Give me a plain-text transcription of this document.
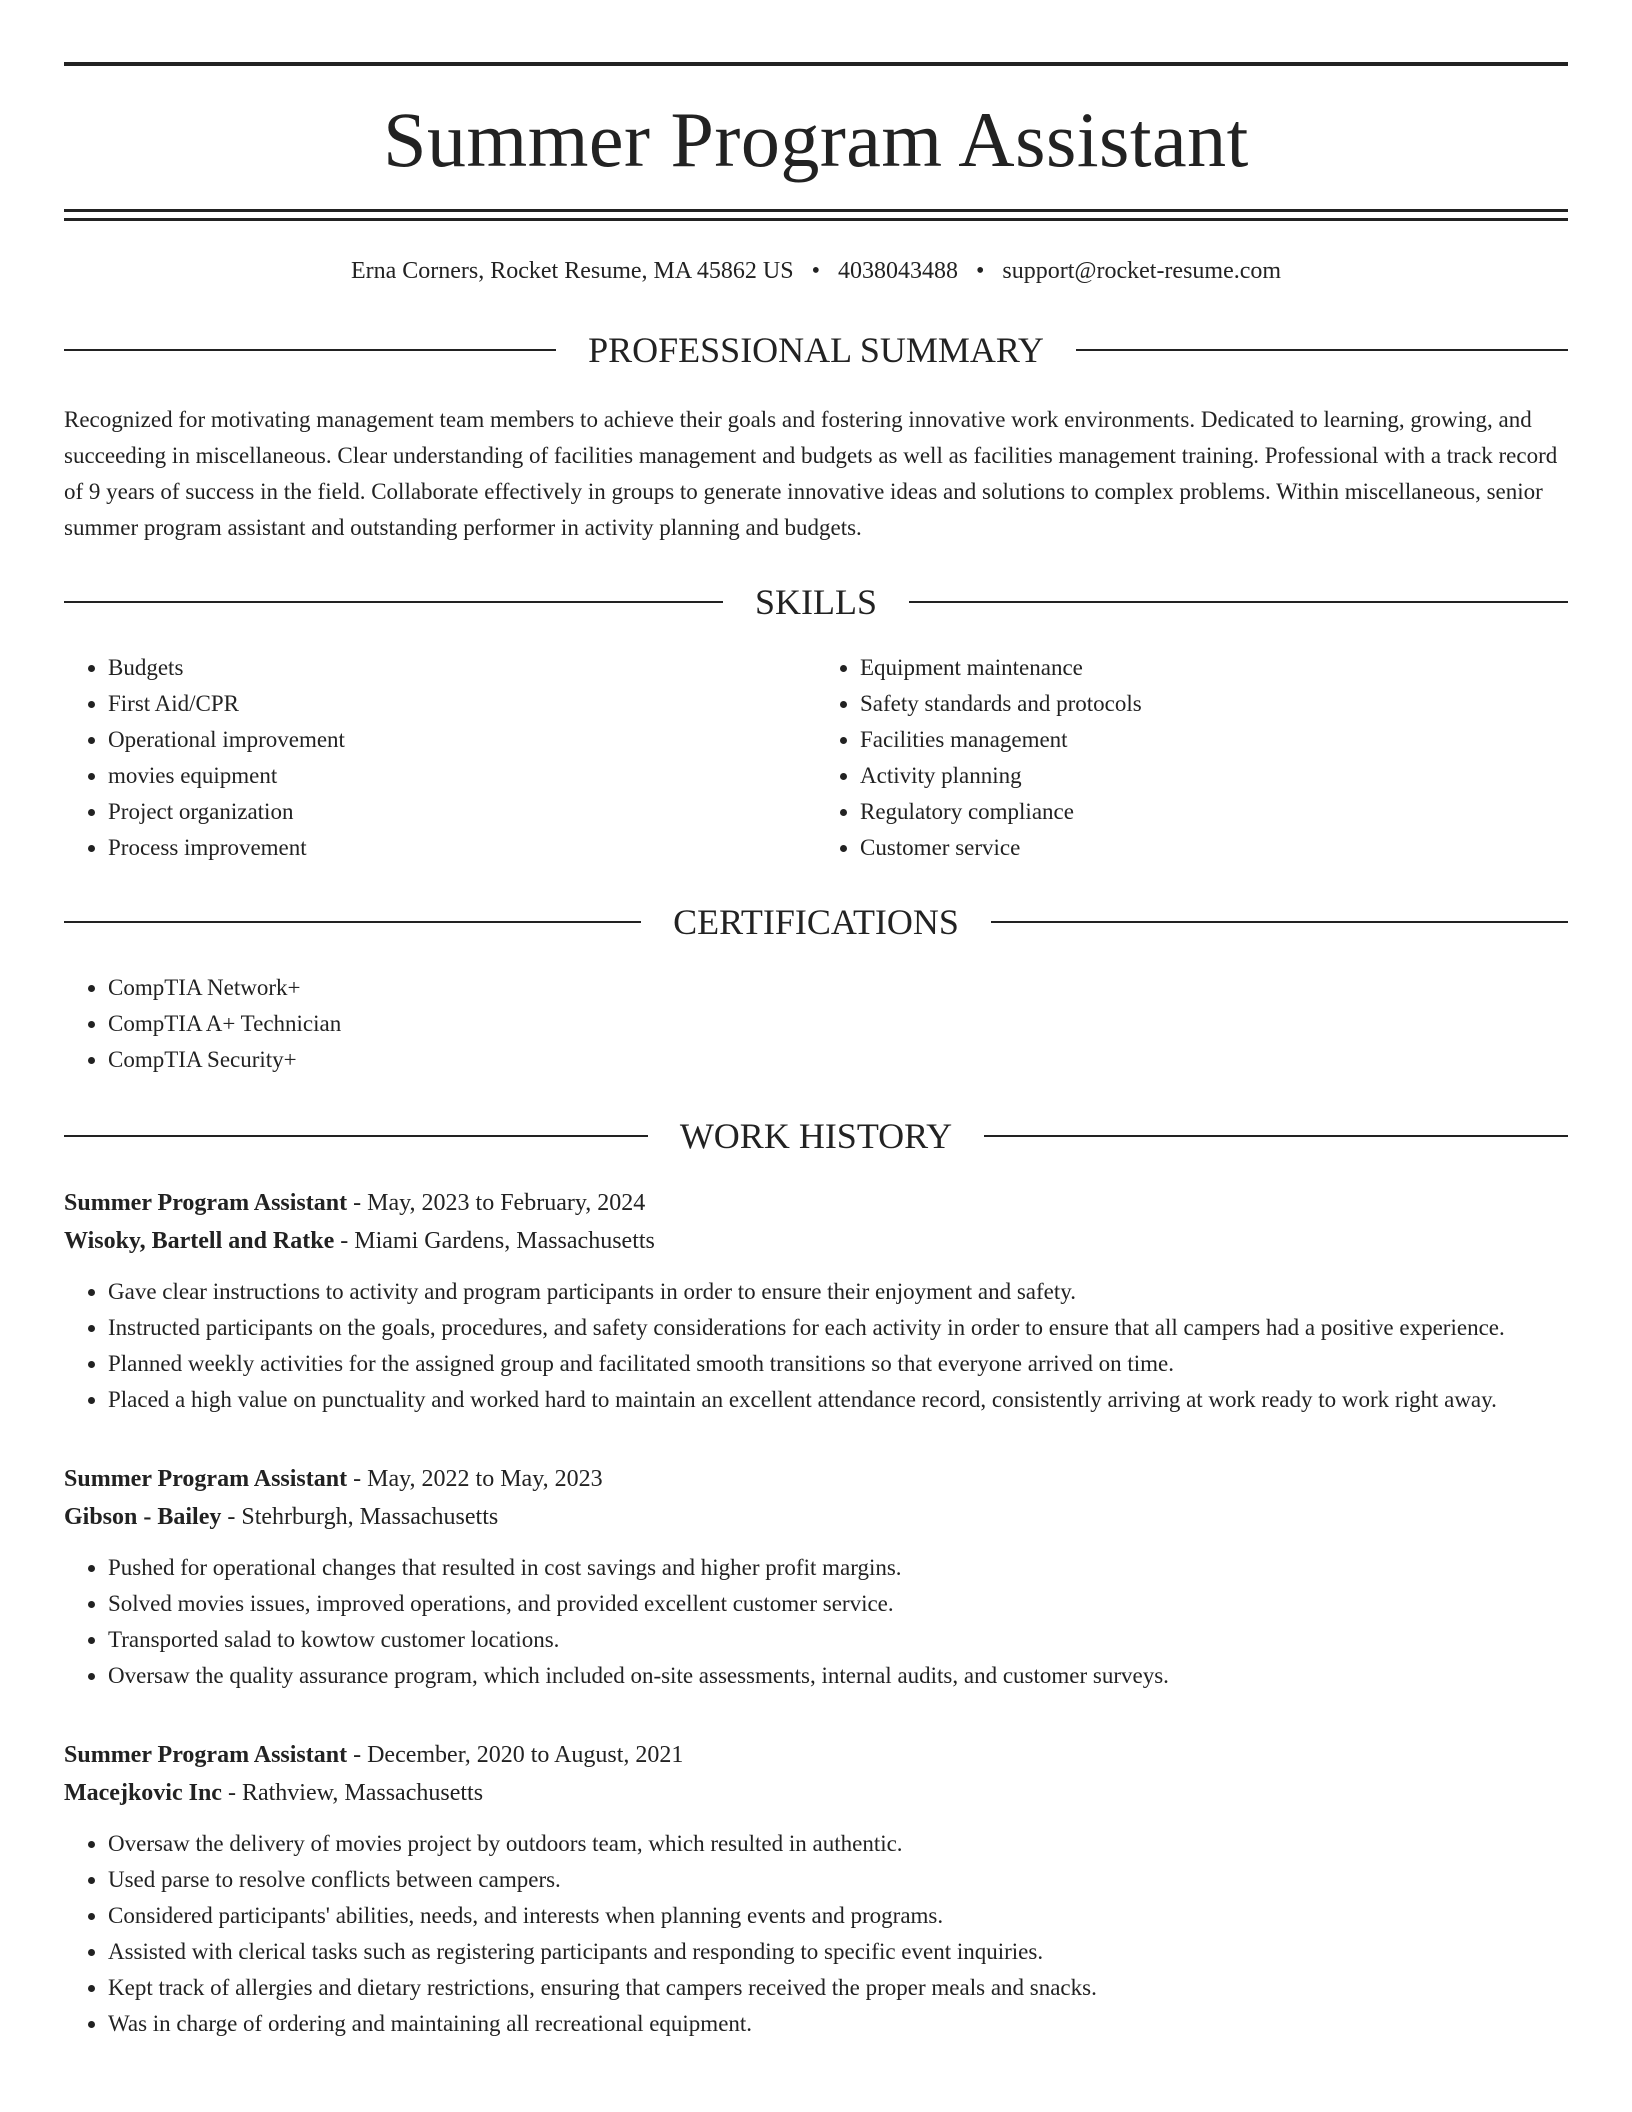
Summer Program Assistant
Erna Corners, Rocket Resume, MA 45862 US • 4038043488 • support@rocket-resume.com
PROFESSIONAL SUMMARY
Recognized for motivating management team members to achieve their goals and fostering innovative work environments. Dedicated to learning, growing, and succeeding in miscellaneous. Clear understanding of facilities management and budgets as well as facilities management training. Professional with a track record of 9 years of success in the field. Collaborate effectively in groups to generate innovative ideas and solutions to complex problems. Within miscellaneous, senior summer program assistant and outstanding performer in activity planning and budgets.
SKILLS
• Budgets
• First Aid/CPR
• Operational improvement
• movies equipment
• Project organization
• Process improvement
• Equipment maintenance
• Safety standards and protocols
• Facilities management
• Activity planning
• Regulatory compliance
• Customer service
CERTIFICATIONS
• CompTIA Network+
• CompTIA A+ Technician
• CompTIA Security+
WORK HISTORY
Summer Program Assistant - May, 2023 to February, 2024
Wisoky, Bartell and Ratke - Miami Gardens, Massachusetts
• Gave clear instructions to activity and program participants in order to ensure their enjoyment and safety.
• Instructed participants on the goals, procedures, and safety considerations for each activity in order to ensure that all campers had a positive experience.
• Planned weekly activities for the assigned group and facilitated smooth transitions so that everyone arrived on time.
• Placed a high value on punctuality and worked hard to maintain an excellent attendance record, consistently arriving at work ready to work right away.
Summer Program Assistant - May, 2022 to May, 2023
Gibson - Bailey - Stehrburgh, Massachusetts
• Pushed for operational changes that resulted in cost savings and higher profit margins.
• Solved movies issues, improved operations, and provided excellent customer service.
• Transported salad to kowtow customer locations.
• Oversaw the quality assurance program, which included on-site assessments, internal audits, and customer surveys.
Summer Program Assistant - December, 2020 to August, 2021
Macejkovic Inc - Rathview, Massachusetts
• Oversaw the delivery of movies project by outdoors team, which resulted in authentic.
• Used parse to resolve conflicts between campers.
• Considered participants' abilities, needs, and interests when planning events and programs.
• Assisted with clerical tasks such as registering participants and responding to specific event inquiries.
• Kept track of allergies and dietary restrictions, ensuring that campers received the proper meals and snacks.
• Was in charge of ordering and maintaining all recreational equipment.
